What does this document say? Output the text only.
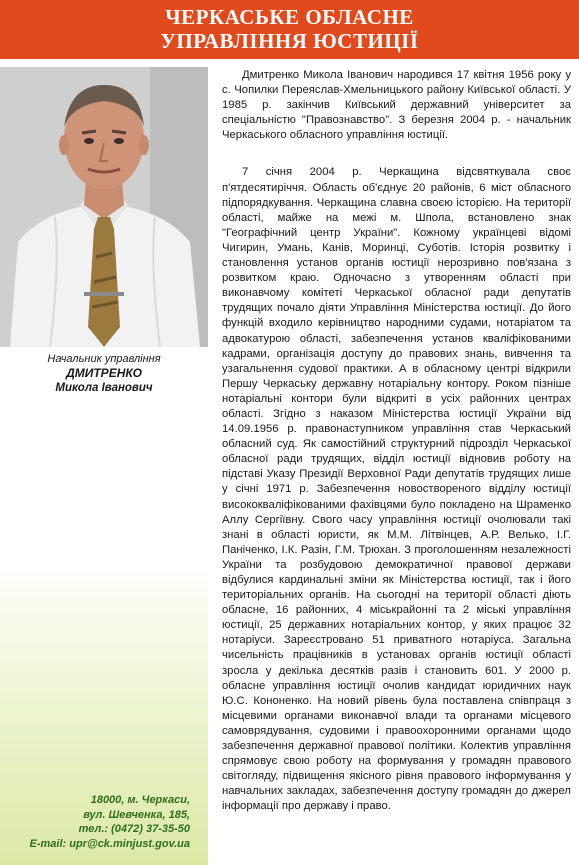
ЧЕРКАСЬКЕ ОБЛАСНЕ
УПРАВЛІННЯ ЮСТИЦІЇ
Начальник управління
ДМИТРЕНКО
Микола Іванович
18000, м. Черкаси,
вул. Шевченка, 185,
тел.: (0472) 37-35-50
E-mail: upr@ck.minjust.gov.ua

Дмитренко Микола Іванович народився 17 квітня 1956 року у с. Чопилки Переяслав-Хмельницького району Київської області. У 1985 р. закінчив Київський державний університет за спеціальністю "Правознавство". З березня 2004 р. - начальник Черкаського обласного управління юстиції.

7 січня 2004 р. Черкащина відсвяткувала своє п'ятдесятиріччя. Область об'єднує 20 районів, 6 міст обласного підпорядкування. Черкащина славна своєю історією. На території області, майже на межі м. Шпола, встановлено знак "Географічний центр України". Кожному українцеві відомі Чигирин, Умань, Канів, Моринці, Суботів. Історія розвитку і становлення установ органів юстиції нерозривно пов'язана з розвитком краю. Одночасно з утворенням області при виконавчому комітеті Черкаської обласної ради депутатів трудящих почало діяти Управління Міністерства юстиції. До його функцій входило керівництво народними судами, нотаріатом та адвокатурою області, забезпечення установ кваліфікованими кадрами, організація доступу до правових знань, вивчення та узагальнення судової практики. А в обласному центрі відкрили Першу Черкаську державну нотаріальну контору. Роком пізніше нотаріальні контори були відкриті в усіх районних центрах області. Згідно з наказом Міністерства юстиції України від 14.09.1956 р. правонаступником управління став Черкаський обласний суд. Як самостійний структурний підрозділ Черкаської обласної ради трудящих, відділ юстиції відновив роботу на підставі Указу Президії Верховної Ради депутатів трудящих лише у січні 1971 р. Забезпечення новоствореного відділу юстиції висококваліфікованими фахівцями було покладено на Шраменко Аллу Сергіївну. Свого часу управління юстиції очолювали такі знані в області юристи, як М.М. Літвінцев, А.Р. Велько, І.Г. Паніченко, І.К. Разін, Г.М. Трюхан. З проголошенням незалежності України та розбудовою демократичної правової держави відбулися кардинальні зміни як Міністерства юстиції, так і його територіальних органів. На сьогодні на території області діють обласне, 16 районних, 4 міськрайонні та 2 міські управління юстиції, 25 державних нотаріальних контор, у яких працює 32 нотаріуси. Зареєстровано 51 приватного нотаріуса. Загальна чисельність працівників в установах органів юстиції області зросла у декілька десятків разів і становить 601. У 2000 р. обласне управління юстиції очолив кандидат юридичних наук Ю.С. Кононенко. На новий рівень була поставлена співпраця з місцевими органами виконавчої влади та органами місцевого самоврядування, судовими і правоохоронними органами щодо забезпечення державної правової політики. Колектив управління спрямовує свою роботу на формування у громадян правового світогляду, підвищення якісного рівня правового інформування у навчальних закладах, забезпечення доступу громадян до джерел інформації про державу і право.
